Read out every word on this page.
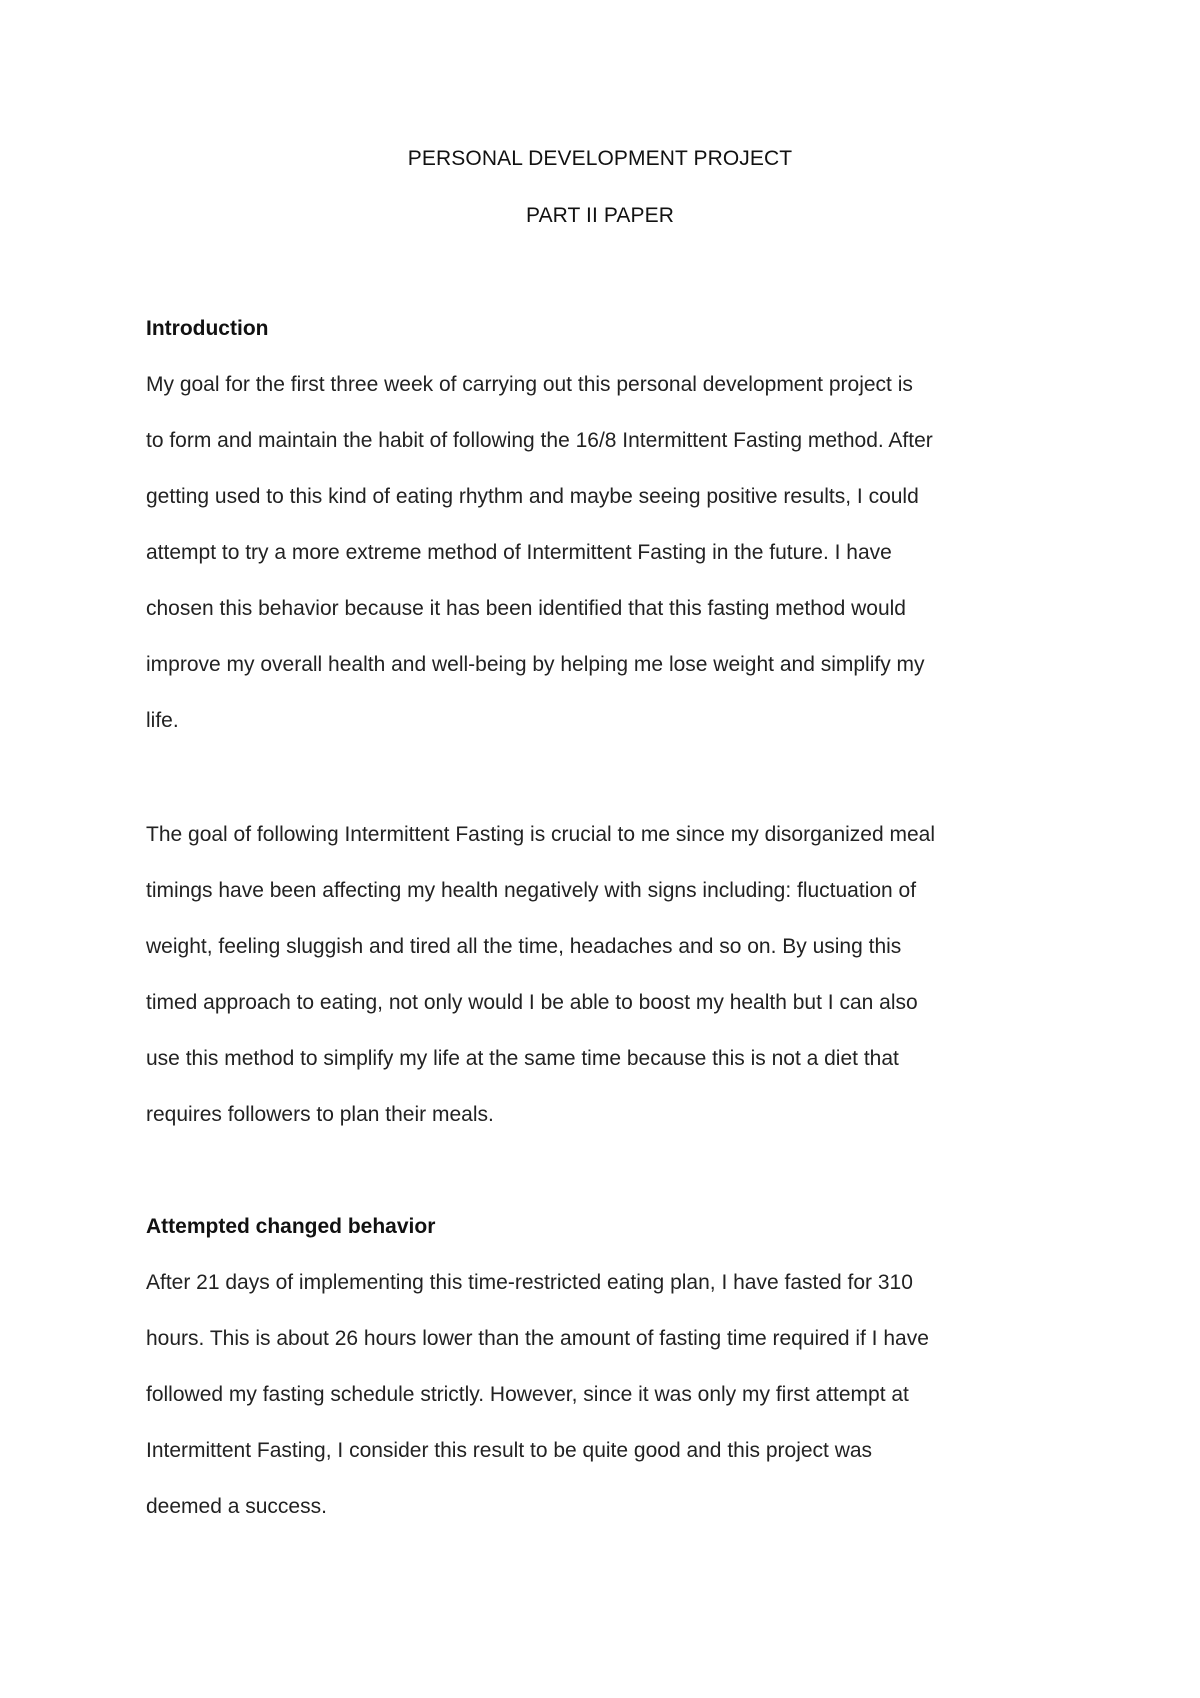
PERSONAL DEVELOPMENT PROJECT
PART II PAPER
Introduction

My goal for the first three week of carrying out this personal development project is
to form and maintain the habit of following the 16/8 Intermittent Fasting method. After
getting used to this kind of eating rhythm and maybe seeing positive results, I could
attempt to try a more extreme method of Intermittent Fasting in the future. I have
chosen this behavior because it has been identified that this fasting method would
improve my overall health and well-being by helping me lose weight and simplify my
life.

The goal of following Intermittent Fasting is crucial to me since my disorganized meal
timings have been affecting my health negatively with signs including: fluctuation of
weight, feeling sluggish and tired all the time, headaches and so on. By using this
timed approach to eating, not only would I be able to boost my health but I can also
use this method to simplify my life at the same time because this is not a diet that
requires followers to plan their meals.

Attempted changed behavior

After 21 days of implementing this time-restricted eating plan, I have fasted for 310
hours. This is about 26 hours lower than the amount of fasting time required if I have
followed my fasting schedule strictly. However, since it was only my first attempt at
Intermittent Fasting, I consider this result to be quite good and this project was
deemed a success.
